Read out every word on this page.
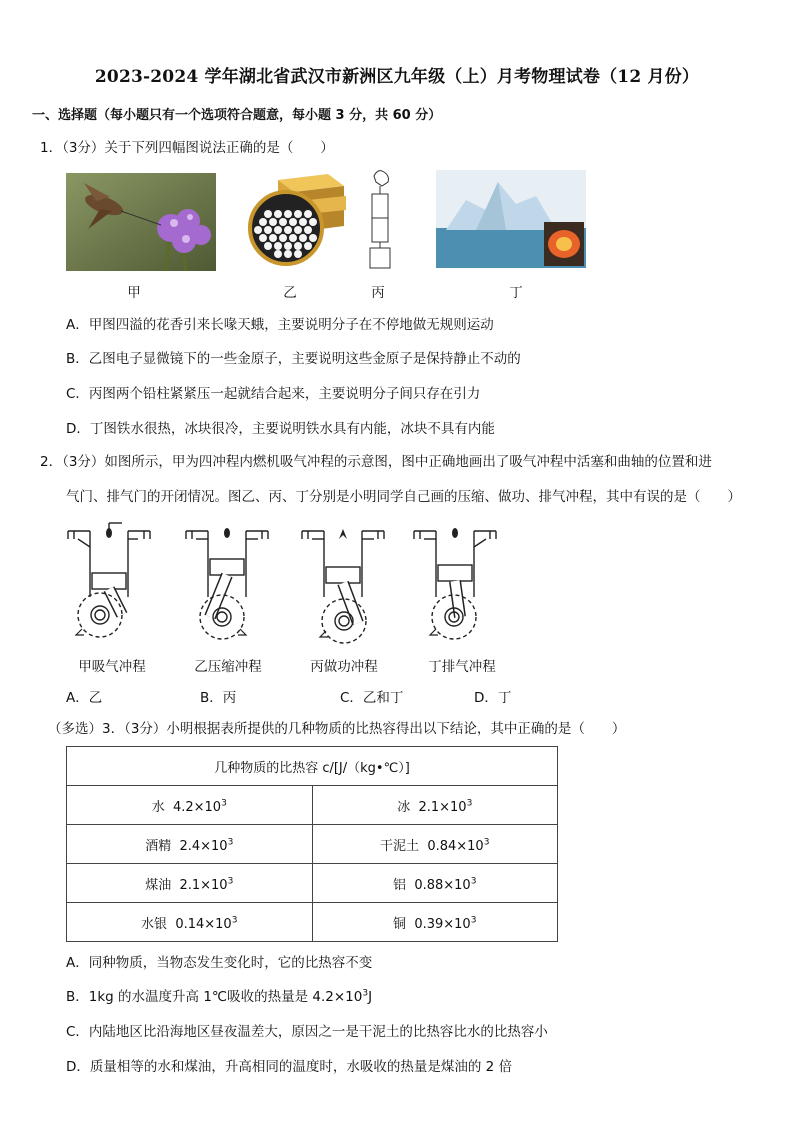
2023-2024 学年湖北省武汉市新洲区九年级（上）月考物理试卷（12 月份）
一、选择题（每小题只有一个选项符合题意，每小题 3 分，共 60 分）
1．（3分）关于下列四幅图说法正确的是（　　）
甲	乙	丙	丁
A．甲图四溢的花香引来长喙天蛾，主要说明分子在不停地做无规则运动
B．乙图电子显微镜下的一些金原子，主要说明这些金原子是保持静止不动的
C．丙图两个铅柱紧紧压一起就结合起来，主要说明分子间只存在引力
D．丁图铁水很热，冰块很冷，主要说明铁水具有内能，冰块不具有内能
2．（3分）如图所示，甲为四冲程内燃机吸气冲程的示意图，图中正确地画出了吸气冲程中活塞和曲轴的位置和进
气门、排气门的开闭情况。图乙、丙、丁分别是小明同学自己画的压缩、做功、排气冲程，其中有误的是（　　）
甲吸气冲程	乙压缩冲程	丙做功冲程	丁排气冲程
A．乙	B．丙	C．乙和丁	D．丁
（多选）3．（3分）小明根据表所提供的几种物质的比热容得出以下结论，其中正确的是（　　）
几种物质的比热容 c/[J/（kg•℃）]	
水 $4.2\times 10^3$	冰 $2.1\times 10^3$
酒精 $2.4\times 10^3$	干泥土 $0.84\times 10^3$
煤油 $2.1\times 10^3$	铝 $0.88\times 10^3$
水银 $0.14\times 10^3$	铜 $0.39\times 10^3$
A．同种物质，当物态发生变化时，它的比热容不变
B．1kg 的水温度升高 1℃吸收的热量是 $4.2\times 10^3J$
C．内陆地区比沿海地区昼夜温差大，原因之一是干泥土的比热容比水的比热容小
D．质量相等的水和煤油，升高相同的温度时，水吸收的热量是煤油的 2 倍
